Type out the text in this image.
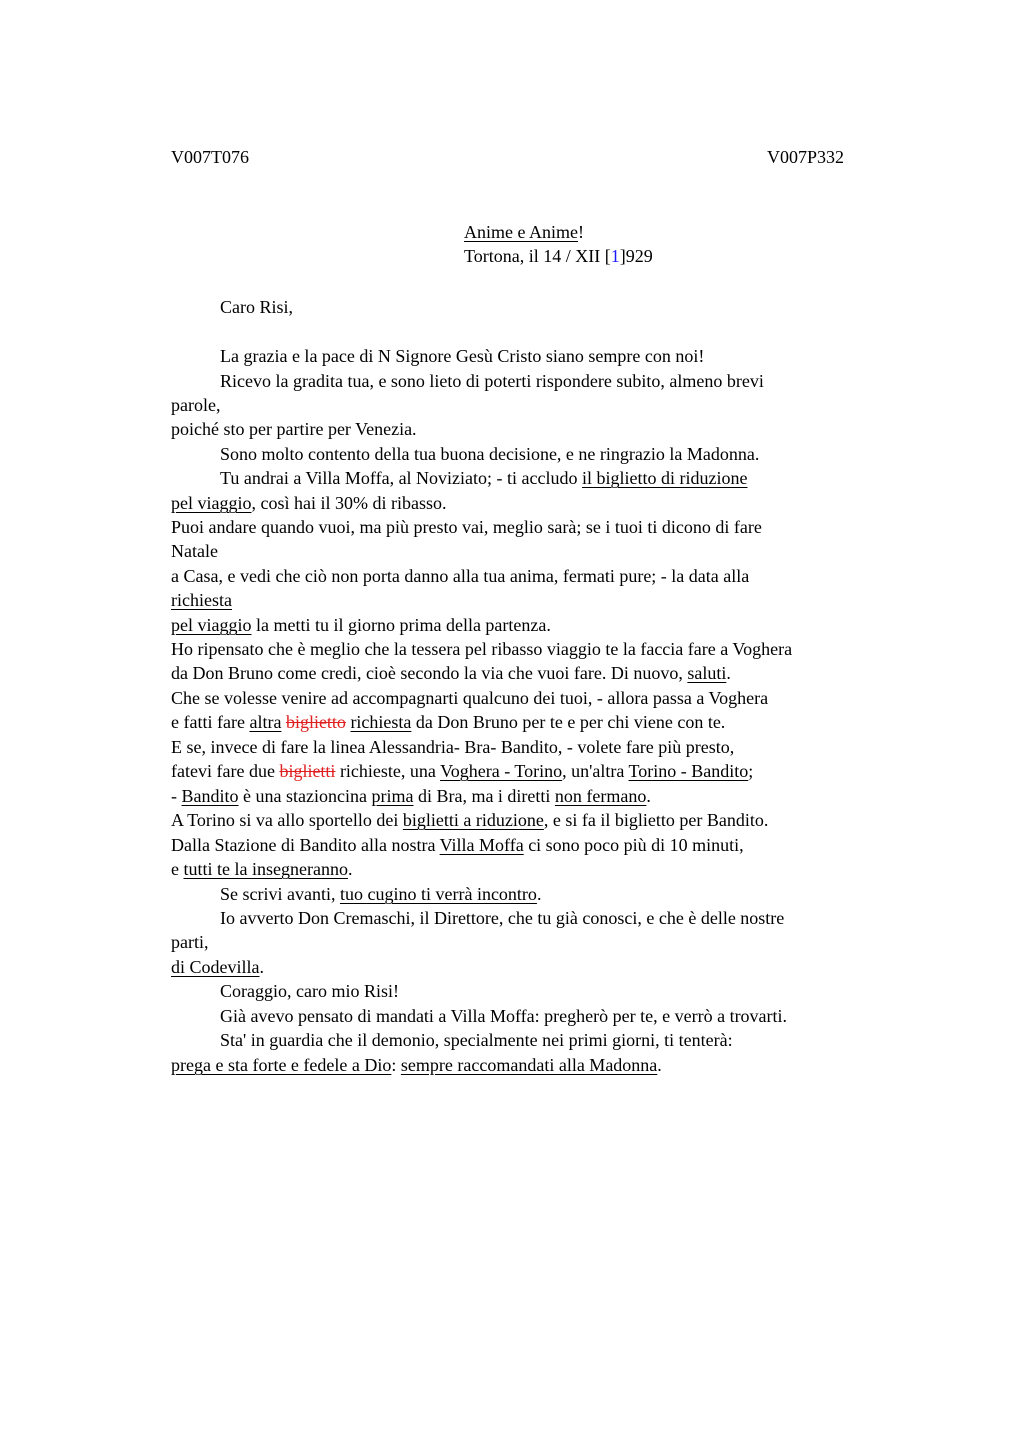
V007T076	V007P332
Anime e Anime!
Tortona, il 14 / XII [1]929
Caro Risi,
La grazia e la pace di N Signore Gesù Cristo siano sempre con noi!
Ricevo la gradita tua, e sono lieto di poterti rispondere subito, almeno brevi
parole,
poiché sto per partire per Venezia.
Sono molto contento della tua buona decisione, e ne ringrazio la Madonna.
Tu andrai a Villa Moffa, al Noviziato; - ti accludo il biglietto di riduzione
pel viaggio, così hai il 30% di ribasso.
Puoi andare quando vuoi, ma più presto vai, meglio sarà; se i tuoi ti dicono di fare
Natale
a Casa, e vedi che ciò non porta danno alla tua anima, fermati pure; - la data alla
richiesta
pel viaggio la metti tu il giorno prima della partenza.
Ho ripensato che è meglio che la tessera pel ribasso viaggio te la faccia fare a Voghera
da Don Bruno come credi, cioè secondo la via che vuoi fare. Di nuovo, saluti.
Che se volesse venire ad accompagnarti qualcuno dei tuoi, - allora passa a Voghera
e fatti fare altra biglietto richiesta da Don Bruno per te e per chi viene con te.
E se, invece di fare la linea Alessandria- Bra- Bandito, - volete fare più presto,
fatevi fare due biglietti richieste, una Voghera - Torino, un'altra Torino - Bandito;
- Bandito è una stazioncina prima di Bra, ma i diretti non fermano.
A Torino si va allo sportello dei biglietti a riduzione, e si fa il biglietto per Bandito.
Dalla Stazione di Bandito alla nostra Villa Moffa ci sono poco più di 10 minuti,
e tutti te la insegneranno.
Se scrivi avanti, tuo cugino ti verrà incontro.
Io avverto Don Cremaschi, il Direttore, che tu già conosci, e che è delle nostre
parti,
di Codevilla.
Coraggio, caro mio Risi!
Già avevo pensato di mandati a Villa Moffa: pregherò per te, e verrò a trovarti.
Sta' in guardia che il demonio, specialmente nei primi giorni, ti tenterà:
prega e sta forte e fedele a Dio: sempre raccomandati alla Madonna.
